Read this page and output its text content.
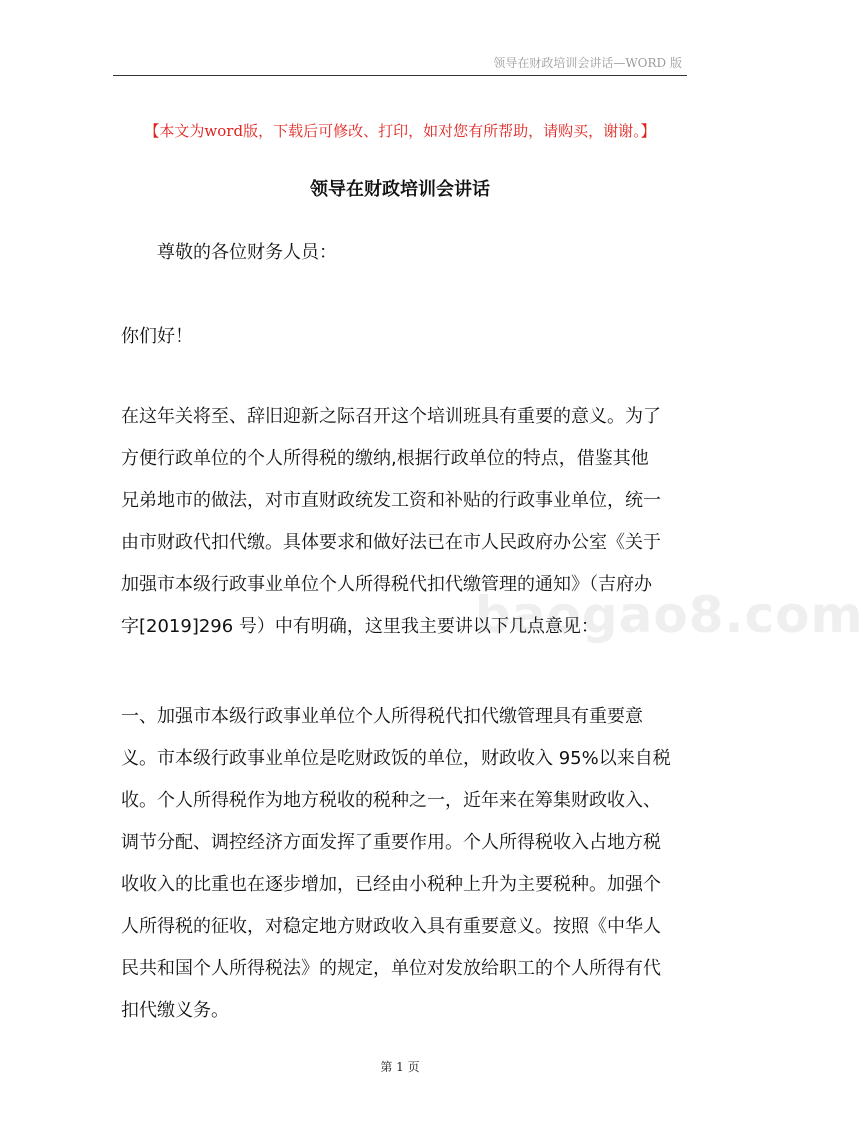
领导在财政培训会讲话—WORD 版
【本文为word版，下载后可修改、打印，如对您有所帮助，请购买，谢谢。】
领导在财政培训会讲话

尊敬的各位财务人员：

你们好！

baogao8.com

在这年关将至、辞旧迎新之际召开这个培训班具有重要的意义。为了
方便行政单位的个人所得税的缴纳,根据行政单位的特点，借鉴其他
兄弟地市的做法，对市直财政统发工资和补贴的行政事业单位，统一
由市财政代扣代缴。具体要求和做好法已在市人民政府办公室《关于
加强市本级行政事业单位个人所得税代扣代缴管理的通知》（吉府办
字[2019]296 号）中有明确，这里我主要讲以下几点意见：

一、加强市本级行政事业单位个人所得税代扣代缴管理具有重要意
义。市本级行政事业单位是吃财政饭的单位，财政收入 95%以来自税
收。个人所得税作为地方税收的税种之一，近年来在筹集财政收入、
调节分配、调控经济方面发挥了重要作用。个人所得税收入占地方税
收收入的比重也在逐步增加，已经由小税种上升为主要税种。加强个
人所得税的征收，对稳定地方财政收入具有重要意义。按照《中华人
民共和国个人所得税法》的规定，单位对发放给职工的个人所得有代
扣代缴义务。

第 1 页
